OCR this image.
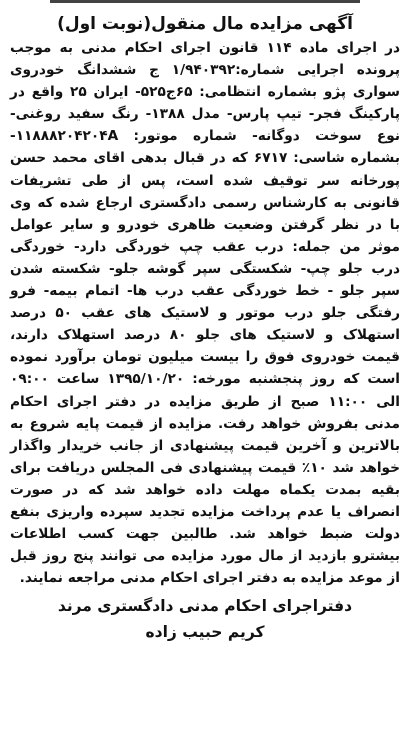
آگهی مزایده مال منقول(نوبت اول)

در اجرای ماده ۱۱۴ قانون اجرای احکام مدنی به موجب پرونده اجرایی شماره:۱/۹۴۰۳۹۲ ج ششدانگ خودروی سواری پژو بشماره انتظامی: ۶۵ج۵۲۵- ایران ۲۵ واقع در پارکینگ فجر- تیپ پارس- مدل ۱۳۸۸- رنگ سفید روغنی- نوع سوخت دوگانه- شماره موتور: ۱۱۸۸۸۲۰۴۲۰۴A- بشماره شاسی: ۶۷۱۷ که در قبال بدهی اقای محمد حسن پورخانه سر توقیف شده است، پس از طی تشریفات قانونی به کارشناس رسمی دادگستری ارجاع شده که وی با در نظر گرفتن وضعیت ظاهری خودرو و سایر عوامل موثر من جمله: درب عقب چپ خوردگی دارد- خوردگی درب جلو چپ- شکستگی سپر گوشه جلو- شکسته شدن سپر جلو - خط خوردگی عقب درب ها- اتمام بیمه- فرو رفتگی جلو درب موتور و لاستیک های عقب ۵۰ درصد استهلاک و لاستیک های جلو ۸۰ درصد استهلاک دارند، قیمت خودروی فوق را بیست میلیون تومان برآورد نموده است که روز پنجشنبه مورخه: ۱۳۹۵/۱۰/۲۰ ساعت ۰۹:۰۰ الی ۱۱:۰۰ صبح از طریق مزایده در دفتر اجرای احکام مدنی بفروش خواهد رفت. مزایده از قیمت پایه شروع به بالاترین و آخرین قیمت پیشنهادی از جانب خریدار واگذار خواهد شد ۱۰٪ قیمت پیشنهادی فی المجلس دریافت برای بقیه بمدت یکماه مهلت داده خواهد شد که در صورت انصراف یا عدم پرداخت مزایده تجدید سپرده واریزی بنفع دولت ضبط خواهد شد. طالبین جهت کسب اطلاعات بیشترو بازدید از مال مورد مزایده می توانند پنج روز قبل از موعد مزایده به دفتر اجرای احکام مدنی مراجعه نمایند.

دفتراجرای احکام مدنی دادگستری مرند

کریم حبیب زاده
